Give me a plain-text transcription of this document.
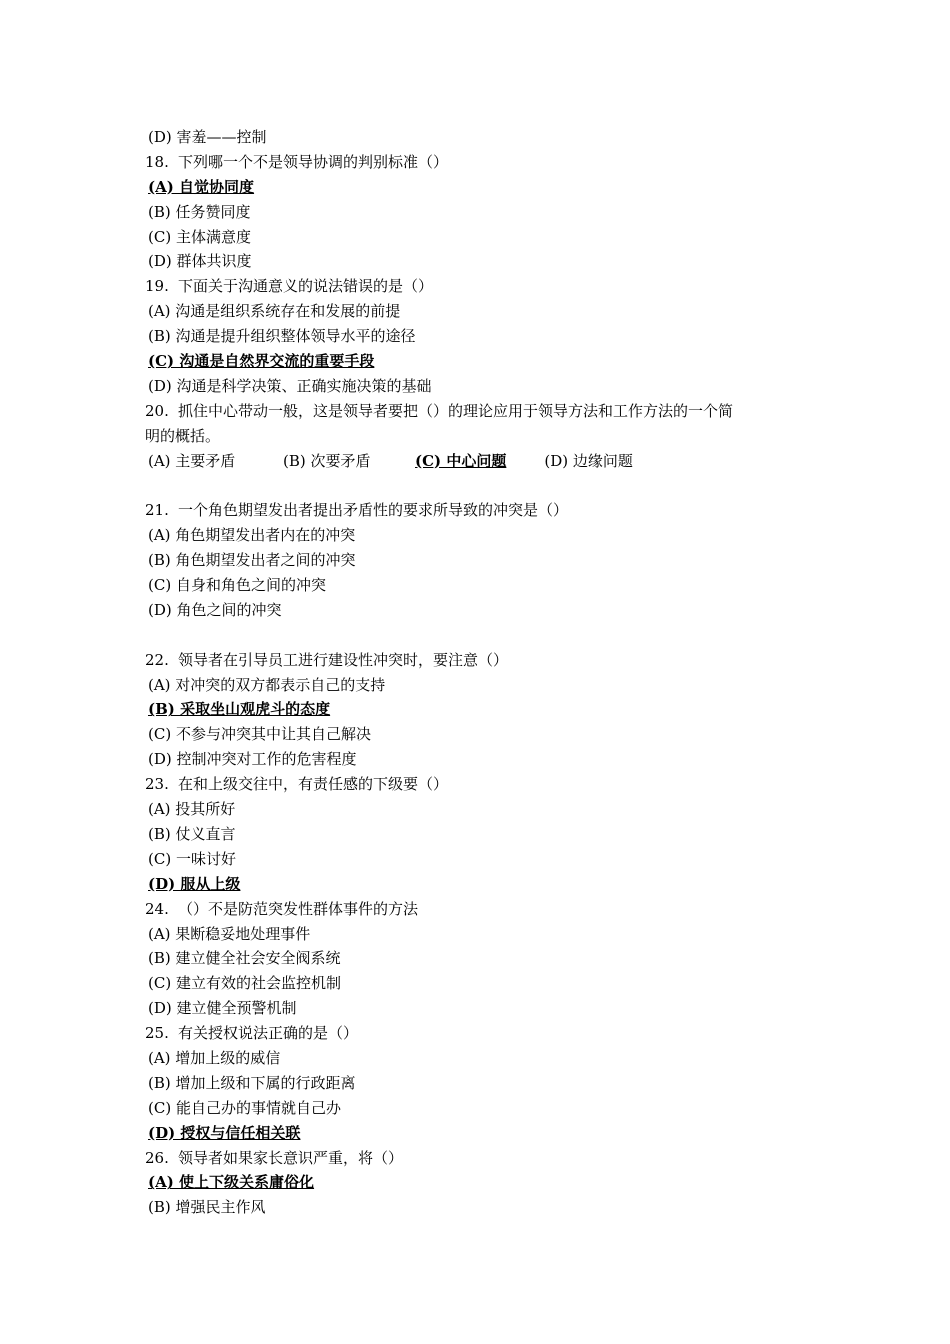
(D) 害羞——控制
18. 下列哪一个不是领导协调的判别标准（）
(A) 自觉协同度
(B) 任务赞同度
(C) 主体满意度
(D) 群体共识度
19. 下面关于沟通意义的说法错误的是（）
(A) 沟通是组织系统存在和发展的前提
(B) 沟通是提升组织整体领导水平的途径
(C) 沟通是自然界交流的重要手段
(D) 沟通是科学决策、正确实施决策的基础
20. 抓住中心带动一般，这是领导者要把（）的理论应用于领导方法和工作方法的一个简
明的概括。
(A) 主要矛盾	(B) 次要矛盾	(C) 中心问题	(D) 边缘问题
21. 一个角色期望发出者提出矛盾性的要求所导致的冲突是（）
(A) 角色期望发出者内在的冲突
(B) 角色期望发出者之间的冲突
(C) 自身和角色之间的冲突
(D) 角色之间的冲突
22. 领导者在引导员工进行建设性冲突时，要注意（）
(A) 对冲突的双方都表示自己的支持
(B) 采取坐山观虎斗的态度
(C) 不参与冲突其中让其自己解决
(D) 控制冲突对工作的危害程度
23. 在和上级交往中，有责任感的下级要（）
(A) 投其所好
(B) 仗义直言
(C) 一味讨好
(D) 服从上级
24. （）不是防范突发性群体事件的方法
(A) 果断稳妥地处理事件
(B) 建立健全社会安全阀系统
(C) 建立有效的社会监控机制
(D) 建立健全预警机制
25. 有关授权说法正确的是（）
(A) 增加上级的威信
(B) 增加上级和下属的行政距离
(C) 能自己办的事情就自己办
(D) 授权与信任相关联
26. 领导者如果家长意识严重，将（）
(A) 使上下级关系庸俗化
(B) 增强民主作风
